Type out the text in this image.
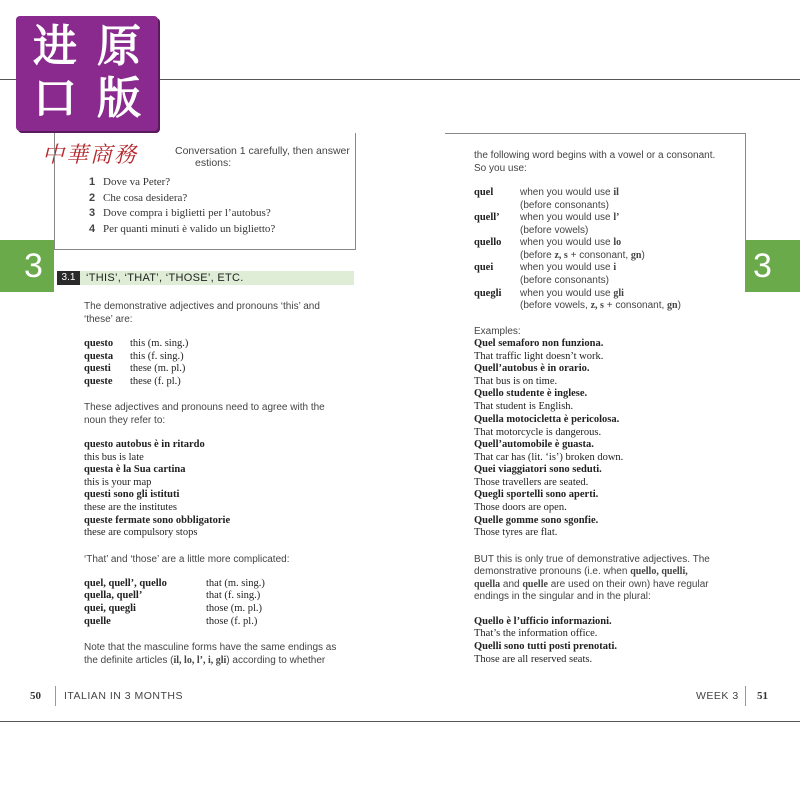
进 原
口 版
中華商務	Conversation 1 carefully, then answer
estions:
1 Dove va Peter?
2 Che cosa desidera?
3 Dove compra i biglietti per l’autobus?
4 Per quanti minuti è valido un biglietto?
3	3
3.1 ‘THIS’, ‘THAT’, ‘THOSE’, ETC.
The demonstrative adjectives and pronouns ‘this’ and
‘these’ are:
questo this (m. sing.)
questa this (f. sing.)
questi these (m. pl.)
queste these (f. pl.)
These adjectives and pronouns need to agree with the
noun they refer to:
questo autobus è in ritardo
this bus is late
questa è la Sua cartina
this is your map
questi sono gli istituti
these are the institutes
queste fermate sono obbligatorie
these are compulsory stops
‘That’ and ‘those’ are a little more complicated:
quel, quell’, quello	that (m. sing.)
quella, quell’	that (f. sing.)
quei, quegli	those (m. pl.)
quelle	those (f. pl.)
Note that the masculine forms have the same endings as
the definite articles (il, lo, l’, i, gli) according to whether
the following word begins with a vowel or a consonant.
So you use:
quel	when you would use il
(before consonants)
quell’ when you would use l’
(before vowels)
quello when you would use lo
(before z, s + consonant, gn)
quei	when you would use i
(before consonants)
quegli when you would use gli
(before vowels, z, s + consonant, gn)
Examples:
Quel semaforo non funziona.
That traffic light doesn’t work.
Quell’autobus è in orario.
That bus is on time.
Quello studente è inglese.
That student is English.
Quella motocicletta è pericolosa.
That motorcycle is dangerous.
Quell’automobile è guasta.
That car has (lit. ‘is’) broken down.
Quei viaggiatori sono seduti.
Those travellers are seated.
Quegli sportelli sono aperti.
Those doors are open.
Quelle gomme sono sgonfie.
Those tyres are flat.
BUT this is only true of demonstrative adjectives. The
demonstrative pronouns (i.e. when quello, quelli,
quella and quelle are used on their own) have regular
endings in the singular and in the plural:
Quello è l’ufficio informazioni.
That’s the information office.
Quelli sono tutti posti prenotati.
Those are all reserved seats.
50 ITALIAN IN 3 MONTHS	WEEK 3 51
